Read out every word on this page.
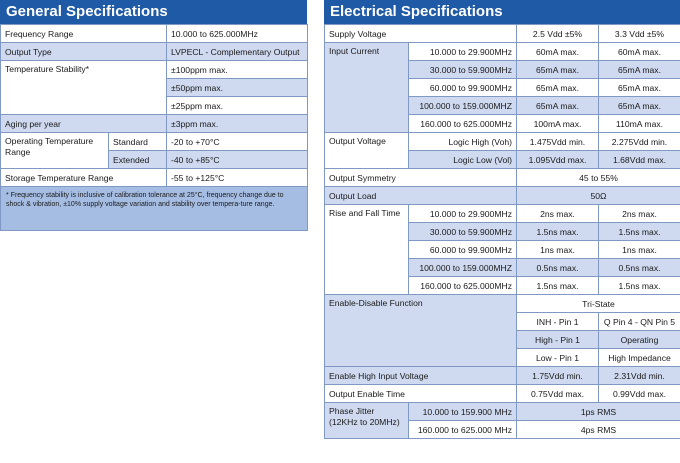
General Specifications
Frequency Range		10.000 to 625.000MHz
Output Type		LVPECL - Complementary Output
Temperature Stability*		±100ppm max.
		±50ppm max.
		±25ppm max.
Aging per year		±3ppm max.
Operating Temperature Range	Standard	-20 to +70°C
	Extended	-40 to +85°C
Storage Temperature Range		-55 to +125°C
* Frequency stability is inclusive of calibration tolerance at 25°C, frequency change due to shock & vibration, ±10% supply voltage variation and stability over tempera-ture range.		
Electrical Specifications
Supply Voltage		2.5 Vdd ±5%	3.3 Vdd ±5%
Input Current	10.000 to 29.900MHz	60mA max.	60mA max.
	30.000 to 59.900MHz	65mA max.	65mA max.
	60.000 to 99.900MHz	65mA max.	65mA max.
	100.000 to 159.000MHZ	65mA max.	65mA max.
	160.000 to 625.000MHz	100mA max.	110mA max.
Output Voltage	Logic High (Voh)	1.475Vdd min.	2.275Vdd min.
	Logic Low (Vol)	1.095Vdd max.	1.68Vdd max.
Output Symmetry		45 to 55%	
Output Load		50Ω	
Rise and Fall Time	10.000 to 29.900MHz	2ns max.	2ns max.
	30.000 to 59.900MHz	1.5ns max.	1.5ns max.
	60.000 to 99.900MHz	1ns max.	1ns max.
	100.000 to 159.000MHZ	0.5ns max.	0.5ns max.
	160.000 to 625.000MHz	1.5ns max.	1.5ns max.
Enable-Disable Function		Tri-State	
		INH - Pin 1	Q Pin 4 - QN Pin 5
		High - Pin 1	Operating
		Low - Pin 1	High Impedance
Enable High Input Voltage		1.75Vdd min.	2.31Vdd min.
Output Enable Time		0.75Vdd max.	0.99Vdd max.
Phase Jitter (12KHz to 20MHz)	10.000 to 159.900 MHz	1ps RMS	
	160.000 to 625.000 MHz	4ps RMS	
